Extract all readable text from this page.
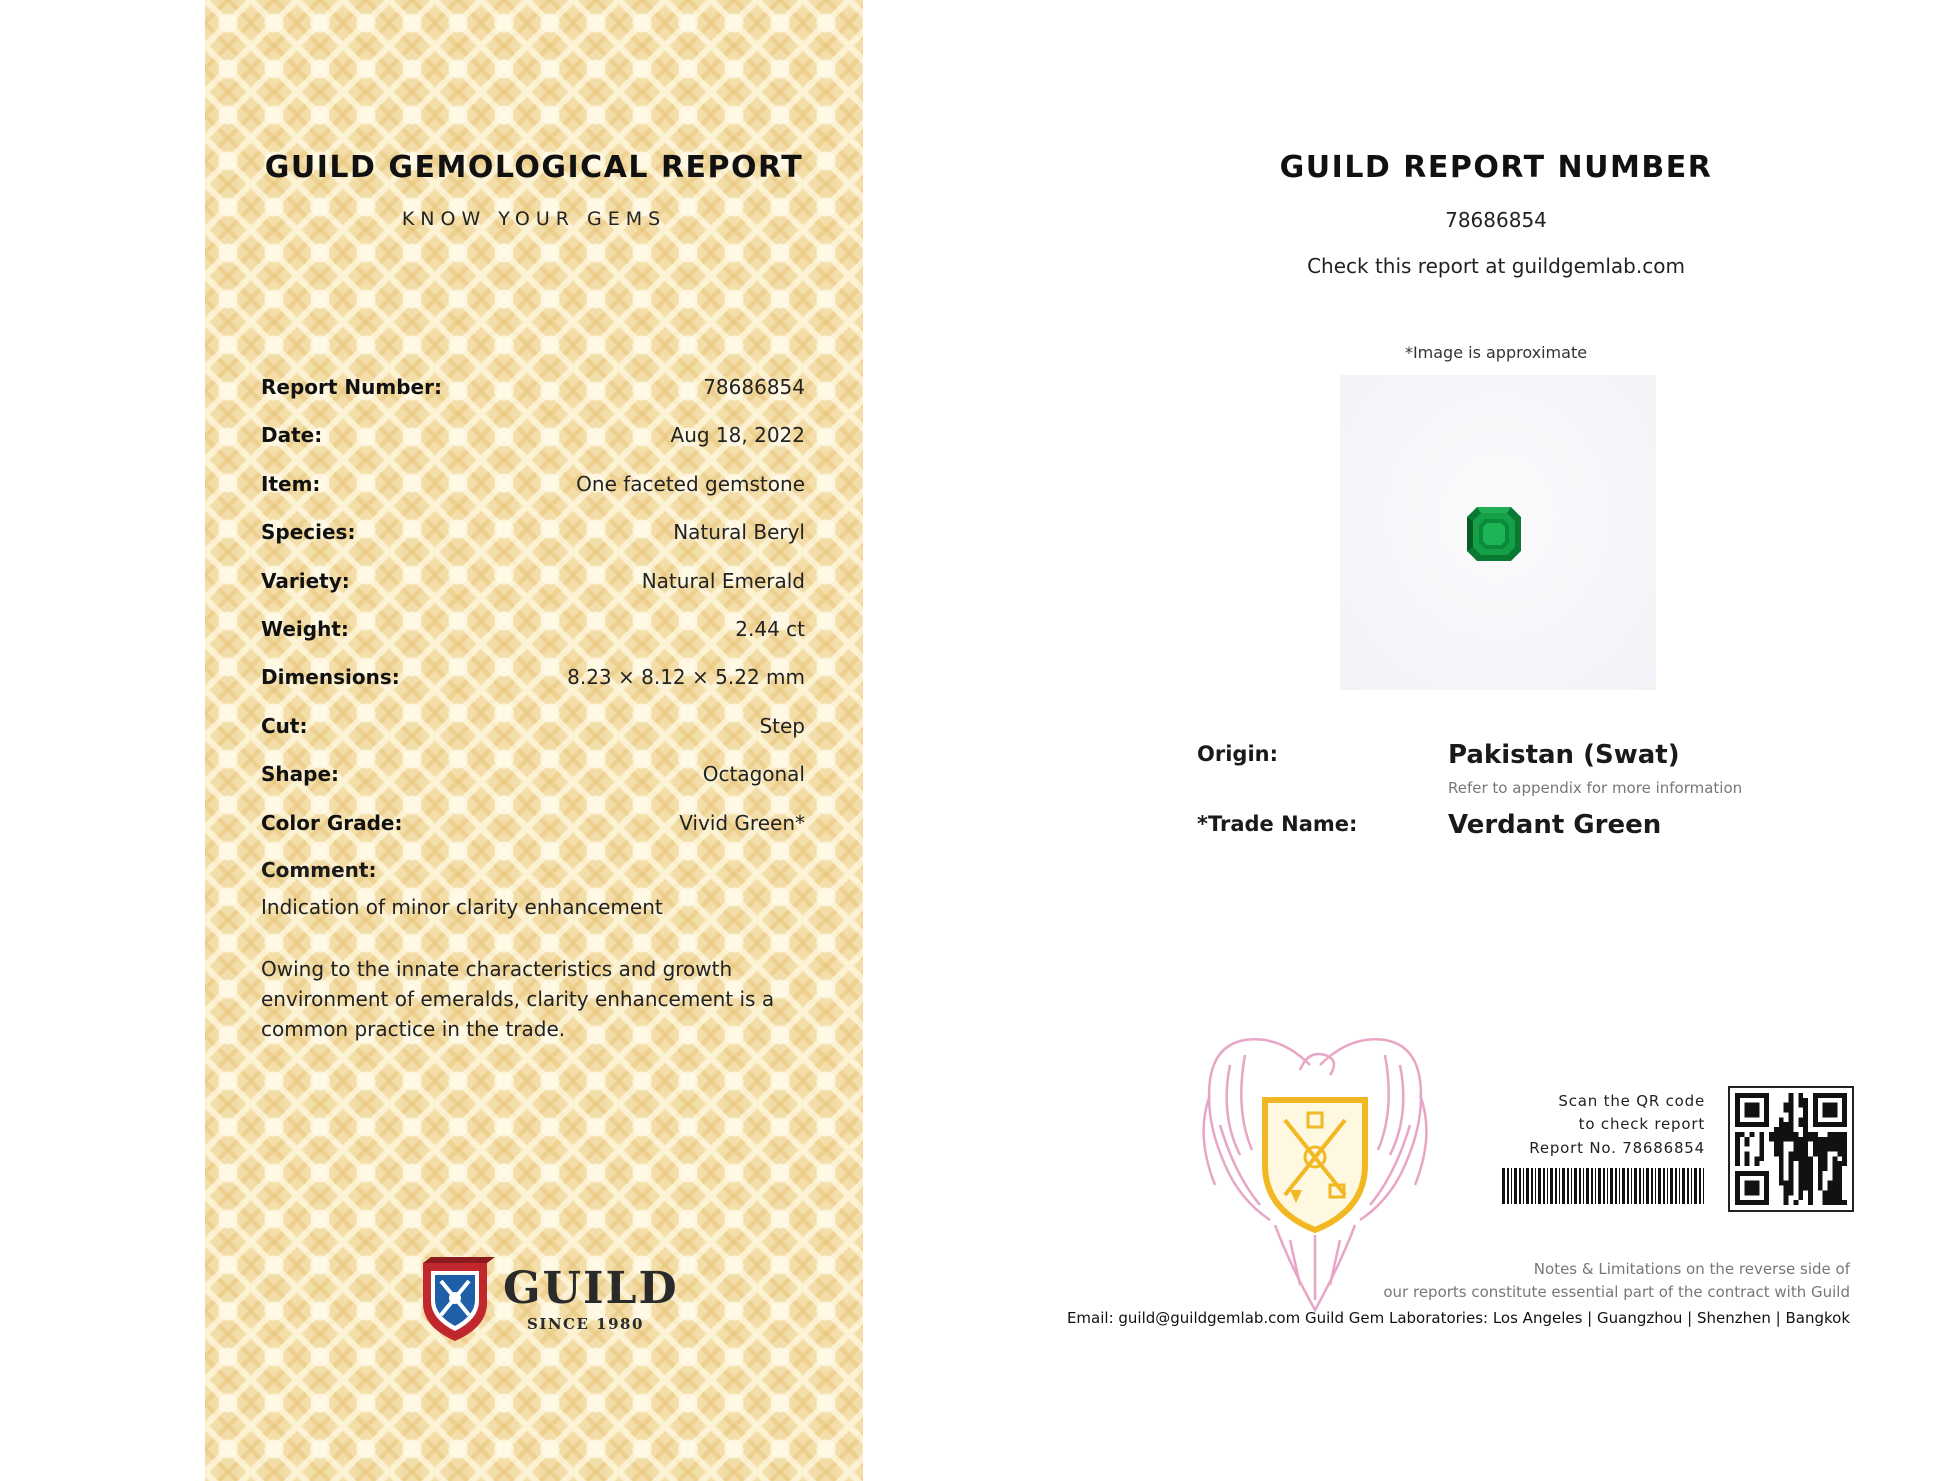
GUILD GEMOLOGICAL REPORT
KNOW YOUR GEMS
Report Number:	78686854
Date:	Aug 18, 2022
Item:	One faceted gemstone
Species:	Natural Beryl
Variety:	Natural Emerald
Weight:	2.44 ct
Dimensions:	8.23 × 8.12 × 5.22 mm
Cut:	Step
Shape:	Octagonal
Color Grade:	Vivid Green*
Comment:
Indication of minor clarity enhancement
Owing to the innate characteristics and growth environment of emeralds, clarity enhancement is a common practice in the trade.
GUILD
SINCE 1980
GUILD REPORT NUMBER
78686854
Check this report at guildgemlab.com
*Image is approximate
Origin:	Pakistan (Swat)
Refer to appendix for more information
*Trade Name:	Verdant Green
Scan the QR code
to check report
Report No. 78686854
Notes & Limitations on the reverse side of
our reports constitute essential part of the contract with Guild
Email: guild@guildgemlab.com Guild Gem Laboratories: Los Angeles | Guangzhou | Shenzhen | Bangkok
